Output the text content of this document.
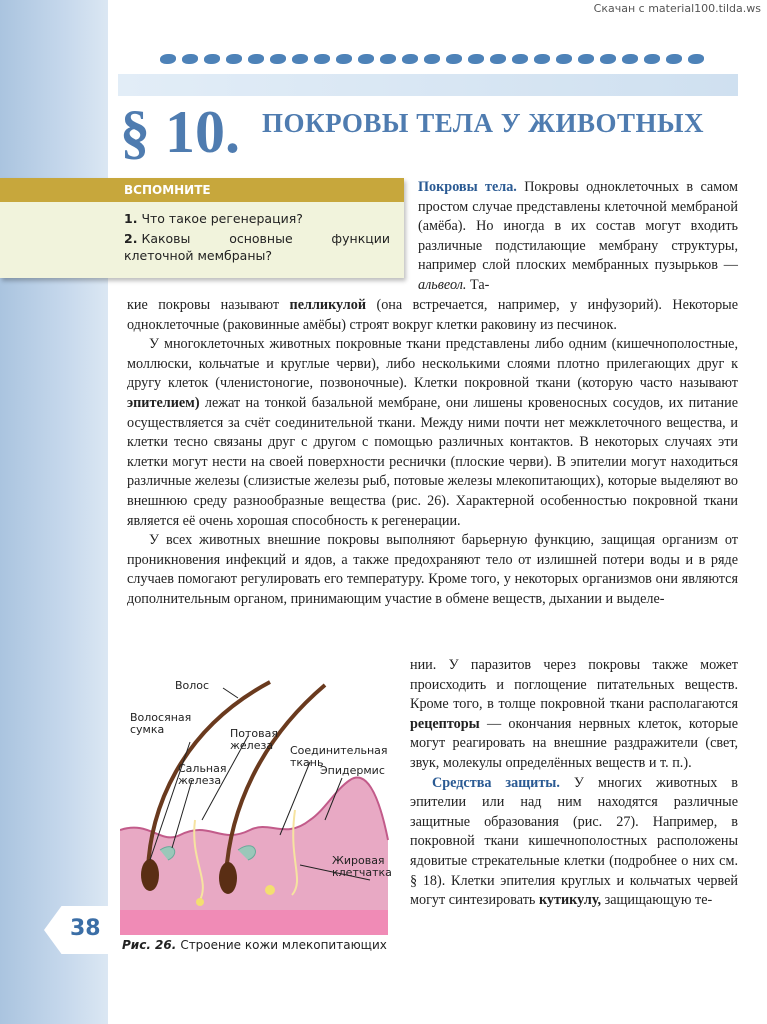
Скачан с material100.tilda.ws
§ 10. ПОКРОВЫ ТЕЛА У ЖИВОТНЫХ
ВСПОМНИТЕ
1. Что такое регенерация?
2. Каковы основные функции клеточной мембраны?

Покровы тела. Покровы одноклеточных в самом простом случае представлены клеточной мембраной (амёба). Но иногда в их состав могут входить различные подстилающие мембрану структуры, например слой плоских мембранных пузырьков — альвеол. Та-

кие покровы называют пелликулой (она встречается, например, у инфузорий). Некоторые одноклеточные (раковинные амёбы) строят вокруг клетки раковину из песчинок.

У многоклеточных животных покровные ткани представлены либо одним (кишечнополостные, моллюски, кольчатые и круглые черви), либо несколькими слоями плотно прилегающих друг к другу клеток (членистоногие, позвоночные). Клетки покровной ткани (которую часто называют эпителием) лежат на тонкой базальной мембране, они лишены кровеносных сосудов, их питание осуществляется за счёт соединительной ткани. Между ними почти нет межклеточного вещества, и клетки тесно связаны друг с другом с помощью различных контактов. В некоторых случаях эти клетки могут нести на своей поверхности реснички (плоские черви). В эпителии могут находиться различные железы (слизистые железы рыб, потовые железы млекопитающих), которые выделяют во внешнюю среду разнообразные вещества (рис. 26). Характерной особенностью покровной ткани является её очень хорошая способность к регенерации.

У всех животных внешние покровы выполняют барьерную функцию, защищая организм от проникновения инфекций и ядов, а также предохраняют тело от излишней потери воды и в ряде случаев помогают регулировать его температуру. Кроме того, у некоторых организмов они являются дополнительным органом, принимающим участие в обмене веществ, дыхании и выделе-

нии. У паразитов через покровы также может происходить и поглощение питательных веществ. Кроме того, в толще покровной ткани располагаются рецепторы — окончания нервных клеток, которые могут реагировать на внешние раздражители (свет, звук, молекулы определённых веществ и т. п.).

Средства защиты. У многих животных в эпителии или над ним находятся различные защитные образования (рис. 27). Например, в покровной ткани кишечнополостных расположены ядовитые стрекательные клетки (подробнее о них см. § 18). Клетки эпителия круглых и кольчатых червей могут синтезировать кутикулу, защищающую те-

Волос
Волосяная сумка	Потовая железа
Сальная железа
Соединительная ткань
Эпидермис
Жировая клетчатка
Рис. 26. Строение кожи млекопитающих
38
